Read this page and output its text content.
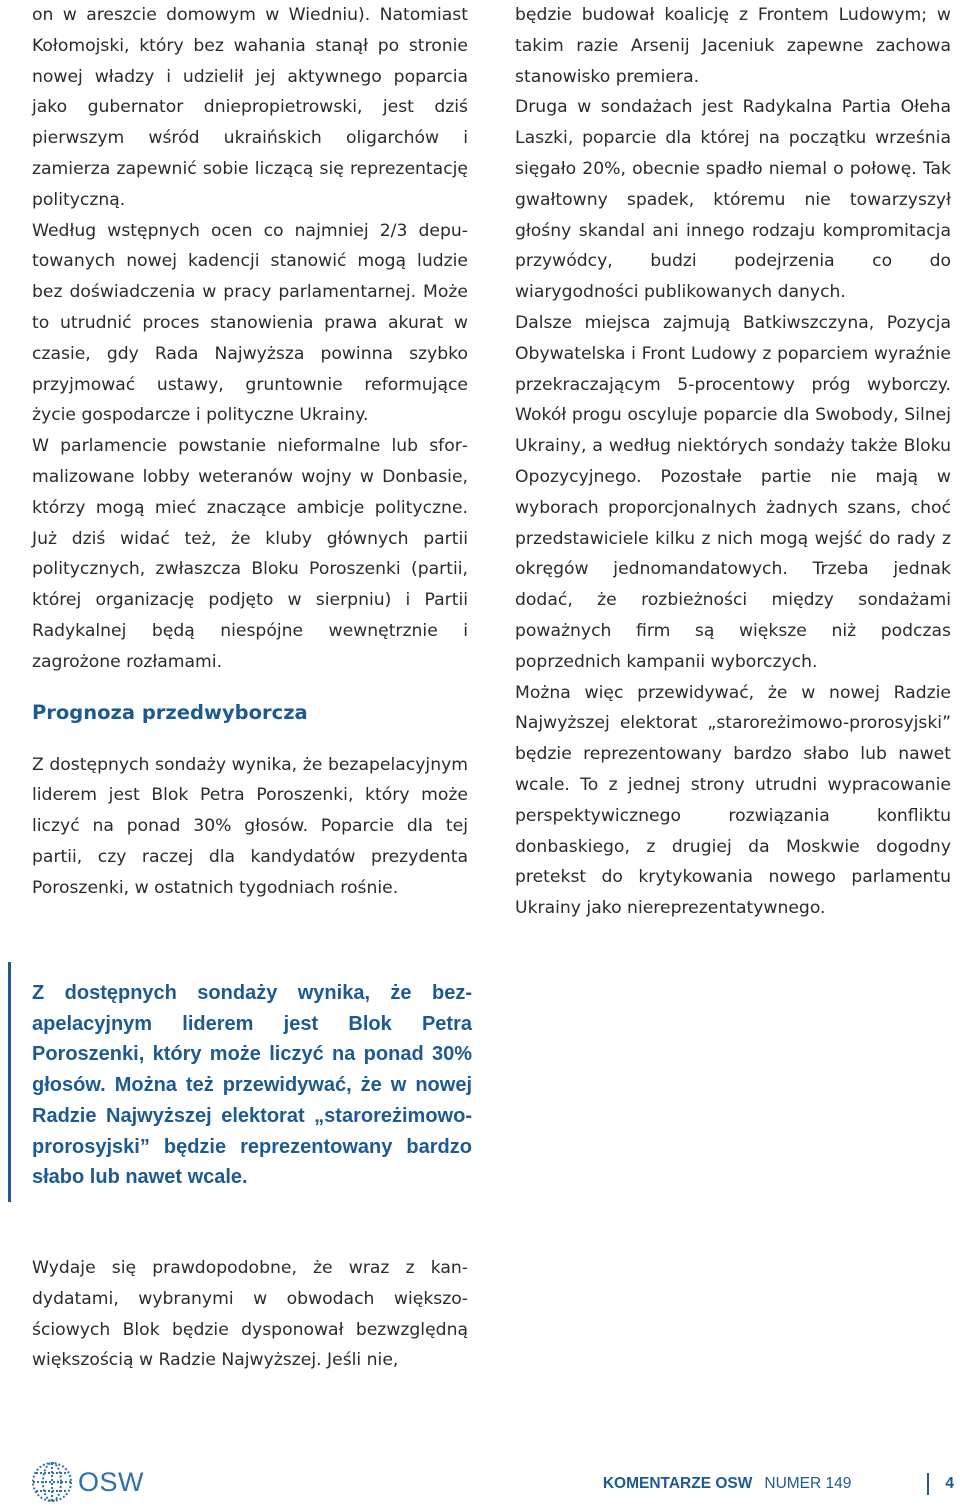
on w areszcie domowym w Wiedniu). Natomiast Kołomojski, który bez wahania stanął po stronie nowej władzy i udzielił jej aktywnego poparcia jako gubernator dniepropietrowski, jest dziś pierwszym wśród ukraińskich oligarchów i zamierza zapewnić sobie liczącą się reprezentację polityczną.

Według wstępnych ocen co najmniej 2/3 deputowanych nowej kadencji stanowić mogą ludzie bez doświadczenia w pracy parlamentarnej. Może to utrudnić proces stanowienia prawa akurat w czasie, gdy Rada Najwyższa powinna szybko przyjmować ustawy, gruntownie reformujące życie gospodarcze i polityczne Ukrainy.

W parlamencie powstanie nieformalne lub sformalizowane lobby weteranów wojny w Donbasie, którzy mogą mieć znaczące ambicje polityczne. Już dziś widać też, że kluby głównych partii politycznych, zwłaszcza Bloku Poroszenki (partii, której organizację podjęto w sierpniu) i Partii Radykalnej będą niespójne wewnętrznie i zagrożone rozłamami.

Prognoza przedwyborcza

Z dostępnych sondaży wynika, że bezapelacyjnym liderem jest Blok Petra Poroszenki, który może liczyć na ponad 30% głosów. Poparcie dla tej partii, czy raczej dla kandydatów prezydenta Poroszenki, w ostatnich tygodniach rośnie.

będzie budował koalicję z Frontem Ludowym; w takim razie Arsenij Jaceniuk zapewne zachowa stanowisko premiera.

Druga w sondażach jest Radykalna Partia Ołeha Laszki, poparcie dla której na początku września sięgało 20%, obecnie spadło niemal o połowę. Tak gwałtowny spadek, któremu nie towarzyszył głośny skandal ani innego rodzaju kompromitacja przywódcy, budzi podejrzenia co do wiarygodności publikowanych danych.

Dalsze miejsca zajmują Batkiwszczyna, Pozycja Obywatelska i Front Ludowy z poparciem wyraźnie przekraczającym 5-procentowy próg wyborczy. Wokół progu oscyluje poparcie dla Swobody, Silnej Ukrainy, a według niektórych sondaży także Bloku Opozycyjnego. Pozostałe partie nie mają w wyborach proporcjonalnych żadnych szans, choć przedstawiciele kilku z nich mogą wejść do rady z okręgów jednomandatowych. Trzeba jednak dodać, że rozbieżności między sondażami poważnych firm są większe niż podczas poprzednich kampanii wyborczych.

Można więc przewidywać, że w nowej Radzie Najwyższej elektorat „staroreżimowo-prorosyjski” będzie reprezentowany bardzo słabo lub nawet wcale. To z jednej strony utrudni wypracowanie perspektywicznego rozwiązania konfliktu donbaskiego, z drugiej da Moskwie dogodny pretekst do krytykowania nowego parlamentu Ukrainy jako niereprezentatywnego.

Z dostępnych sondaży wynika, że bezapelacyjnym liderem jest Blok Petra Poroszenki, który może liczyć na ponad 30% głosów. Można też przewidywać, że w nowej Radzie Najwyższej elektorat „staroreżimowo-prorosyjski” będzie reprezentowany bardzo słabo lub nawet wcale.

Wydaje się prawdopodobne, że wraz z kandydatami, wybranymi w obwodach większościowych Blok będzie dysponował bezwzględną większością w Radzie Najwyższej. Jeśli nie,

OSW	KOMENTARZE OSW NUMER 149	4
